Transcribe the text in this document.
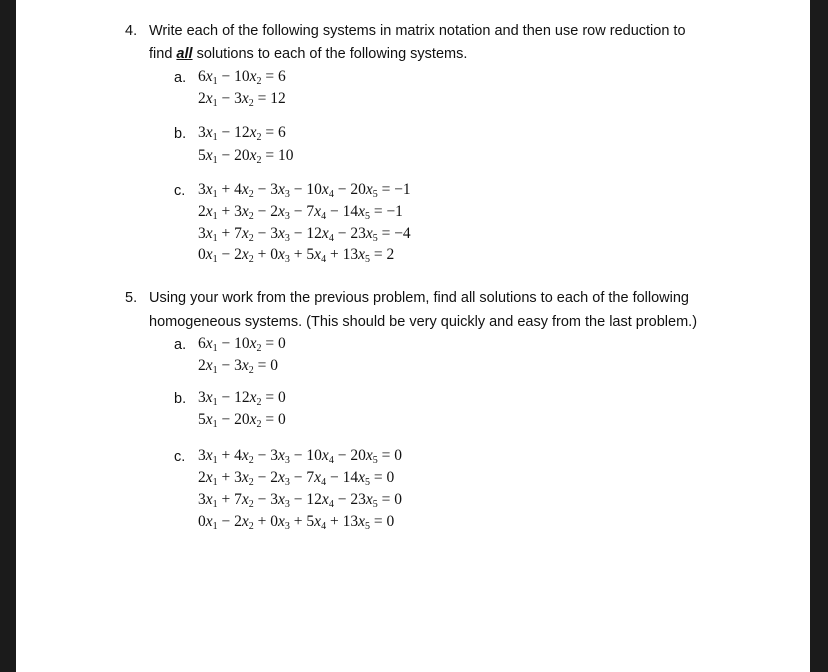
4. Write each of the following systems in matrix notation and then use row reduction to
find all solutions to each of the following systems.
a. $6x_1 - 10x_2 = 6$
$2x_1 - 3x_2 = 12$
b. $3x_1 - 12x_2 = 6$
$5x_1 - 20x_2 = 10$
c. $3x_1 + 4x_2 - 3x_3 - 10x_4 - 20x_5 = -1$
$2x_1 + 3x_2 - 2x_3 - 7x_4 - 14x_5 = -1$
$3x_1 + 7x_2 - 3x_3 - 12x_4 - 23x_5 = -4$
$0x_1 - 2x_2 + 0x_3 + 5x_4 + 13x_5 = 2$
5. Using your work from the previous problem, find all solutions to each of the following
homogeneous systems. (This should be very quickly and easy from the last problem.)
a. $6x_1 - 10x_2 = 0$
$2x_1 - 3x_2 = 0$
b. $3x_1 - 12x_2 = 0$
$5x_1 - 20x_2 = 0$
c. $3x_1 + 4x_2 - 3x_3 - 10x_4 - 20x_5 = 0$
$2x_1 + 3x_2 - 2x_3 - 7x_4 - 14x_5 = 0$
$3x_1 + 7x_2 - 3x_3 - 12x_4 - 23x_5 = 0$
$0x_1 - 2x_2 + 0x_3 + 5x_4 + 13x_5 = 0$
